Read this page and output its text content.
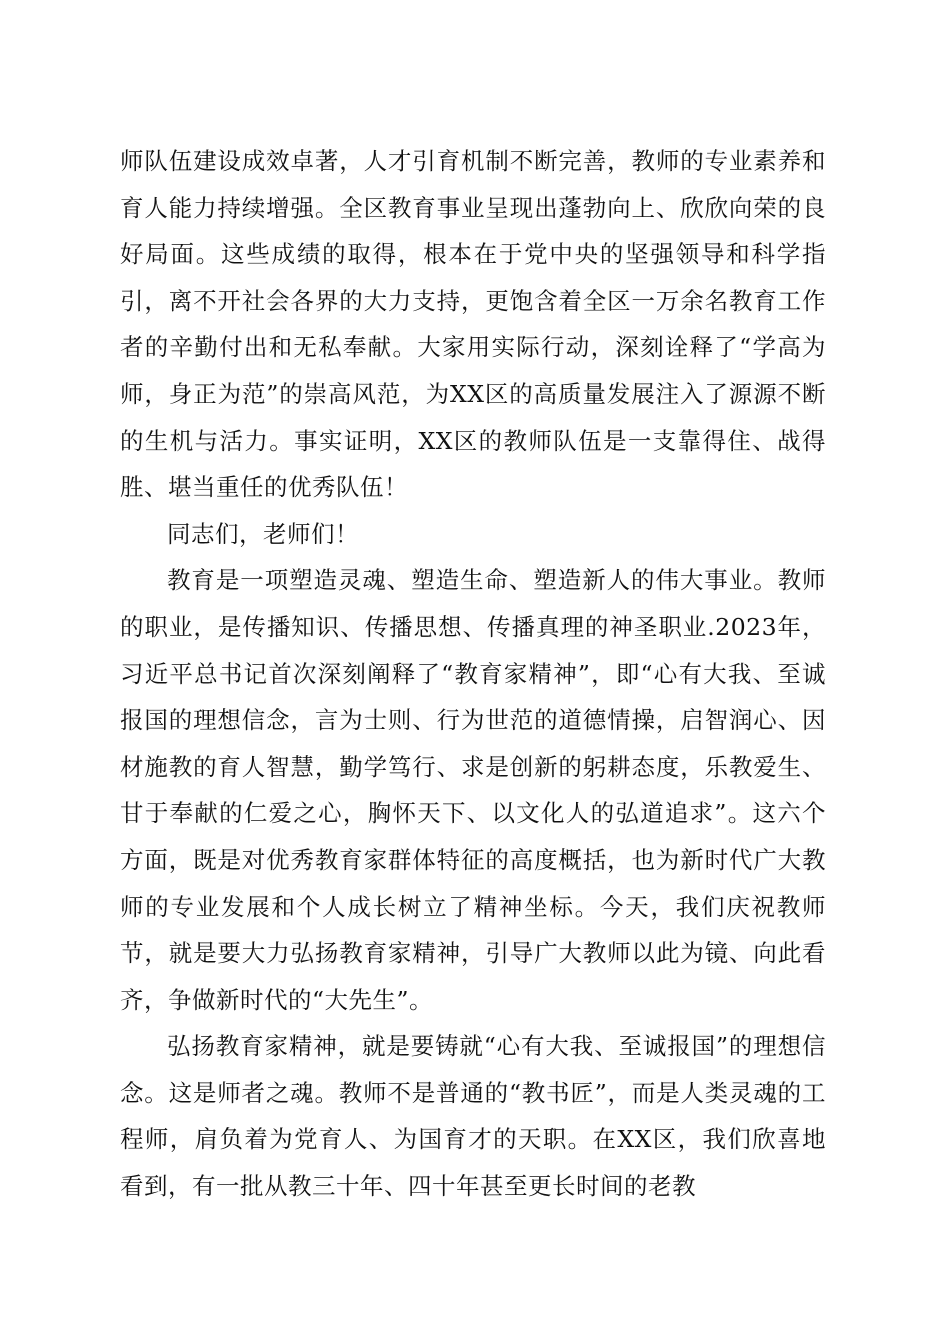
师队伍建设成效卓著，人才引育机制不断完善，教师的专业素养和育人能力持续增强。全区教育事业呈现出蓬勃向上、欣欣向荣的良好局面。这些成绩的取得，根本在于党中央的坚强领导和科学指引，离不开社会各界的大力支持，更饱含着全区一万余名教育工作者的辛勤付出和无私奉献。大家用实际行动，深刻诠释了“学高为师，身正为范”的崇高风范，为XX区的高质量发展注入了源源不断的生机与活力。事实证明，XX区的教师队伍是一支靠得住、战得胜、堪当重任的优秀队伍！

同志们，老师们！

教育是一项塑造灵魂、塑造生命、塑造新人的伟大事业。教师的职业，是传播知识、传播思想、传播真理的神圣职业.2023年，习近平总书记首次深刻阐释了“教育家精神”，即“心有大我、至诚报国的理想信念，言为士则、行为世范的道德情操，启智润心、因材施教的育人智慧，勤学笃行、求是创新的躬耕态度，乐教爱生、甘于奉献的仁爱之心，胸怀天下、以文化人的弘道追求”。这六个方面，既是对优秀教育家群体特征的高度概括，也为新时代广大教师的专业发展和个人成长树立了精神坐标。今天，我们庆祝教师节，就是要大力弘扬教育家精神，引导广大教师以此为镜、向此看齐，争做新时代的“大先生”。

弘扬教育家精神，就是要铸就“心有大我、至诚报国”的理想信念。这是师者之魂。教师不是普通的“教书匠”，而是人类灵魂的工程师，肩负着为党育人、为国育才的天职。在XX区，我们欣喜地看到，有一批从教三十年、四十年甚至更长时间的老教
